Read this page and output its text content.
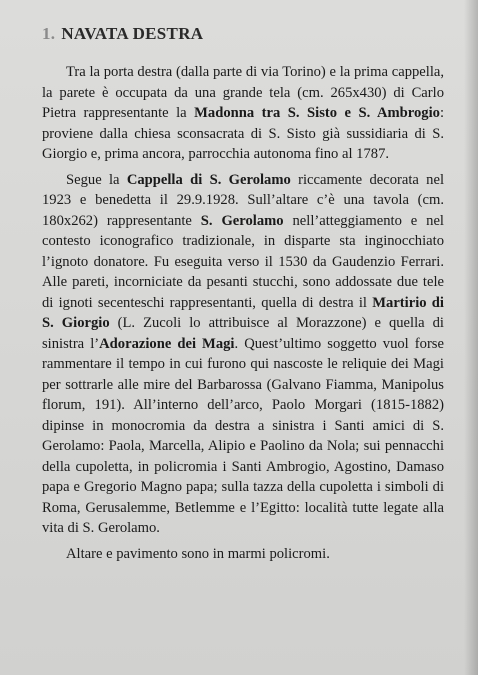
1. NAVATA DESTRA

Tra la porta destra (dalla parte di via Torino) e la prima cappella, la parete è occupata da una grande tela (cm. 265x430) di Carlo Pietra rappresentante la Madonna tra S. Sisto e S. Ambrogio: proviene dalla chiesa sconsacrata di S. Sisto già sussidiaria di S. Giorgio e, prima ancora, parrocchia autonoma fino al 1787.

Segue la Cappella di S. Gerolamo riccamente decorata nel 1923 e benedetta il 29.9.1928. Sull’altare c’è una tavola (cm. 180x262) rappresentante S. Gerolamo nell’atteggiamento e nel contesto iconografico tradizionale, in disparte sta inginocchiato l’ignoto donatore. Fu eseguita verso il 1530 da Gaudenzio Ferrari. Alle pareti, incorniciate da pesanti stucchi, sono addossate due tele di ignoti secenteschi rappresentanti, quella di destra il Martirio di S. Giorgio (L. Zucoli lo attribuisce al Morazzone) e quella di sinistra l’Adorazione dei Magi. Quest’ultimo soggetto vuol forse rammentare il tempo in cui furono qui nascoste le reliquie dei Magi per sottrarle alle mire del Barbarossa (Galvano Fiamma, Manipolus florum, 191). All’interno dell’arco, Paolo Morgari (1815-1882) dipinse in monocromia da destra a sinistra i Santi amici di S. Gerolamo: Paola, Marcella, Alipio e Paolino da Nola; sui pennacchi della cupoletta, in policromia i Santi Ambrogio, Agostino, Damaso papa e Gregorio Magno papa; sulla tazza della cupoletta i simboli di Roma, Gerusalemme, Betlemme e l’Egitto: località tutte legate alla vita di S. Gerolamo.

Altare e pavimento sono in marmi policromi.
